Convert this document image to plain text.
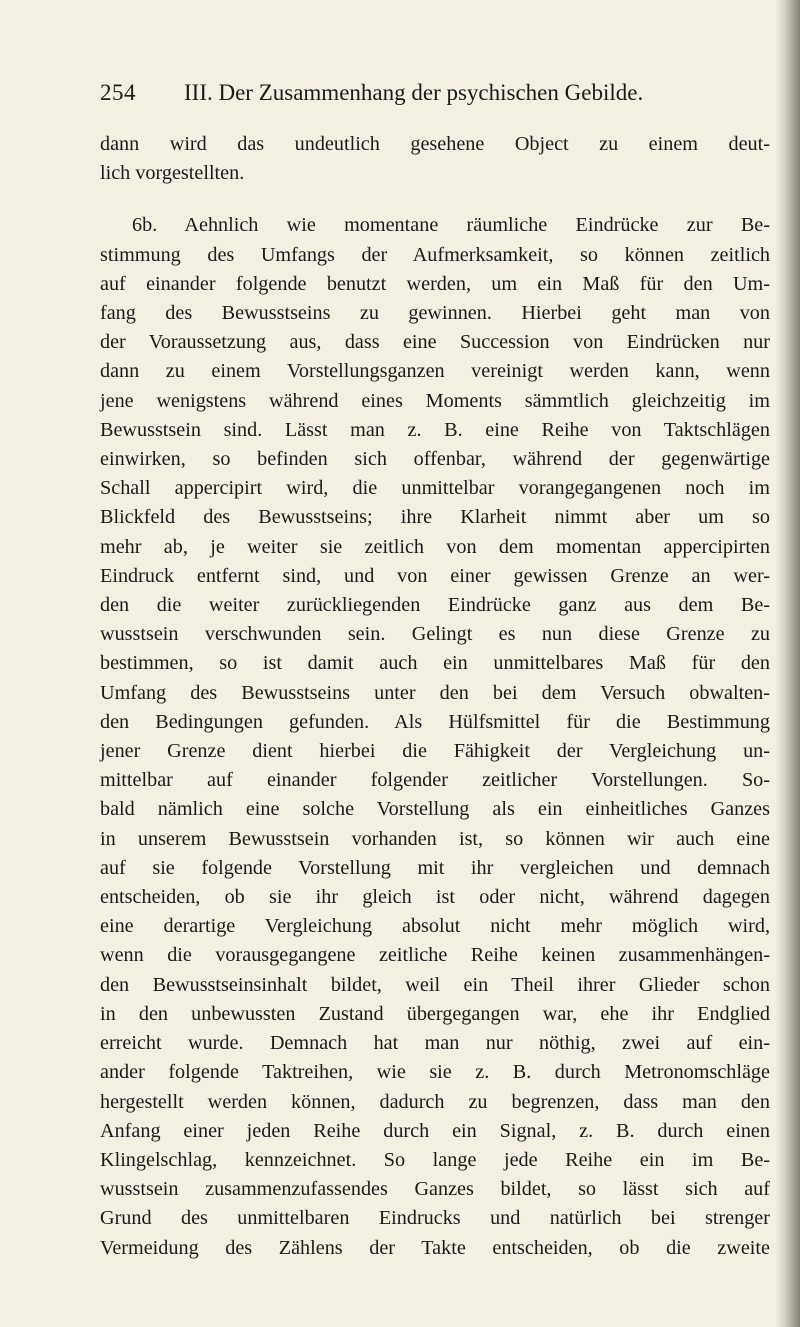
254 III. Der Zusammenhang der psychischen Gebilde.
dann wird das undeutlich gesehene Object zu einem deut-
lich vorgestellten.
6b. Aehnlich wie momentane räumliche Eindrücke zur Be-
stimmung des Umfangs der Aufmerksamkeit, so können zeitlich
auf einander folgende benutzt werden, um ein Maß für den Um-
fang des Bewusstseins zu gewinnen. Hierbei geht man von
der Voraussetzung aus, dass eine Succession von Eindrücken nur
dann zu einem Vorstellungsganzen vereinigt werden kann, wenn
jene wenigstens während eines Moments sämmtlich gleichzeitig im
Bewusstsein sind. Lässt man z. B. eine Reihe von Taktschlägen
einwirken, so befinden sich offenbar, während der gegenwärtige
Schall appercipirt wird, die unmittelbar vorangegangenen noch im
Blickfeld des Bewusstseins; ihre Klarheit nimmt aber um so
mehr ab, je weiter sie zeitlich von dem momentan appercipirten
Eindruck entfernt sind, und von einer gewissen Grenze an wer-
den die weiter zurückliegenden Eindrücke ganz aus dem Be-
wusstsein verschwunden sein. Gelingt es nun diese Grenze zu
bestimmen, so ist damit auch ein unmittelbares Maß für den
Umfang des Bewusstseins unter den bei dem Versuch obwalten-
den Bedingungen gefunden. Als Hülfsmittel für die Bestimmung
jener Grenze dient hierbei die Fähigkeit der Vergleichung un-
mittelbar auf einander folgender zeitlicher Vorstellungen. So-
bald nämlich eine solche Vorstellung als ein einheitliches Ganzes
in unserem Bewusstsein vorhanden ist, so können wir auch eine
auf sie folgende Vorstellung mit ihr vergleichen und demnach
entscheiden, ob sie ihr gleich ist oder nicht, während dagegen
eine derartige Vergleichung absolut nicht mehr möglich wird,
wenn die vorausgegangene zeitliche Reihe keinen zusammenhängen-
den Bewusstseinsinhalt bildet, weil ein Theil ihrer Glieder schon
in den unbewussten Zustand übergegangen war, ehe ihr Endglied
erreicht wurde. Demnach hat man nur nöthig, zwei auf ein-
ander folgende Taktreihen, wie sie z. B. durch Metronomschläge
hergestellt werden können, dadurch zu begrenzen, dass man den
Anfang einer jeden Reihe durch ein Signal, z. B. durch einen
Klingelschlag, kennzeichnet. So lange jede Reihe ein im Be-
wusstsein zusammenzufassendes Ganzes bildet, so lässt sich auf
Grund des unmittelbaren Eindrucks und natürlich bei strenger
Vermeidung des Zählens der Takte entscheiden, ob die zweite
